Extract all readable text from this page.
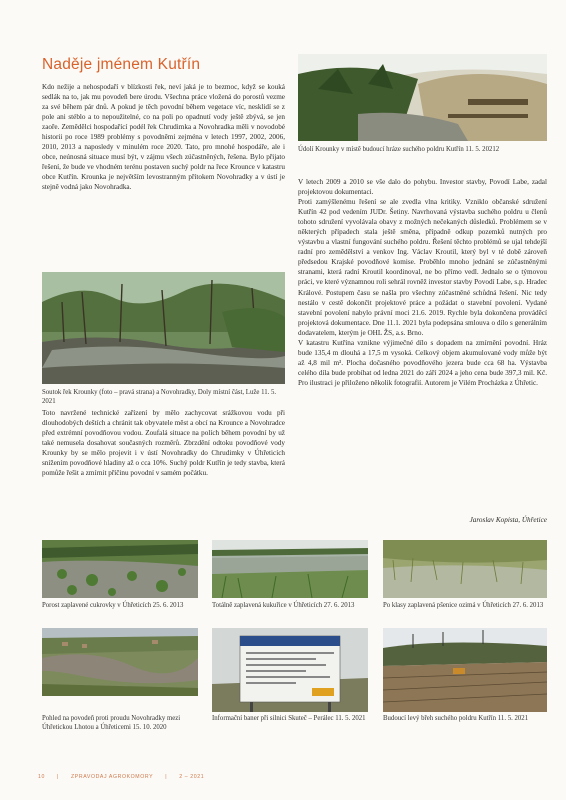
Naděje jménem Kutřín

Kdo nežije a nehospodaří v blízkosti řek, neví jaká je to bezmoc, když se kouká sedlák na to, jak mu povodeň bere úrodu. Všechna práce vložená do porostů vezme za své během pár dnů. A pokud je těch povodní během vegetace víc, nesklidí se z pole ani stéblo a to nepoužitelné, co na poli po opadnutí vody ještě zbývá, se jen zaoře. Zemědělci hospodařící podél řek Chrudimka a Novohradka měli v novodobé historii po roce 1989 problémy s povodněmi zejména v letech 1997, 2002, 2006, 2010, 2013 a naposledy v minulém roce 2020. Tato, pro mnohé hospodáře, ale i obce, neúnosná situace musí být, v zájmu všech zúčastněných, řešena. Bylo přijato řešení, že bude ve vhodném terénu postaven suchý poldr na řece Krounce v katastru obce Kutřín. Krounka je největším levostranným přítokem Novohradky a v ústí je stejně vodná jako Novohradka.

Soutok řek Krounky (foto – pravá strana) a Novohradky, Doly místní část, Luže 11. 5. 2021

Toto navržené technické zařízení by mělo zachycovat srážkovou vodu při dlouhodobých deštích a chránit tak obyvatele měst a obcí na Krounce a Novohradce před extrémní povodňovou vodou. Zoufalá situace na polích během povodní by už také nemusela dosahovat současných rozměrů. Zbrzdění odtoku povodňové vody Krounky by se mělo projevit i v ústí Novohradky do Chrudimky v Úhřeticích snížením povodňové hladiny až o cca 10%. Suchý poldr Kutřín je tedy stavba, která pomůže řešit a zmírnit příčinu povodní v samém počátku.

Údolí Krounky v místě budoucí hráze suchého poldru Kutřín 11. 5. 20212

V letech 2009 a 2010 se vše dalo do pohybu. Investor stavby, Povodí Labe, zadal projektovou dokumentaci.

Proti zamýšlenému řešení se ale zvedla vlna kritiky. Vzniklo občanské sdružení Kutřín 42 pod vedením JUDr. Šetiny. Navrhovaná výstavba suchého poldru u členů tohoto sdružení vyvolávala obavy z možných nečekaných důsledků. Problémem se v některých případech stala ještě směna, případně odkup pozemků nutných pro výstavbu a vlastní fungování suchého poldru. Řešení těchto problémů se ujal tehdejší radní pro zemědělství a venkov Ing. Václav Kroutil, který byl v té době zároveň předsedou Krajské povodňové komise. Proběhlo mnoho jednání se zúčastněnými stranami, která radní Kroutil koordinoval, ne bo přímo vedl. Jednalo se o týmovou práci, ve které významnou roli sehrál rovněž investor stavby Povodí Labe, s.p. Hradec Králové. Postupem času se našla pro všechny zúčastněné schůdná řešení. Nic tedy nestálo v cestě dokončit projektové práce a požádat o stavební povolení. Vydané stavební povolení nabylo právní moci 21.6. 2019. Rychle byla dokončena prováděcí projektová dokumentace. Dne 11.1. 2021 byla podepsána smlouva o dílo s generálním dodavatelem, kterým je OHL ŽS, a.s. Brno.

V katastru Kutřína vznikne výjimečné dílo s dopadem na zmírnění povodní. Hráz bude 135,4 m dlouhá a 17,5 m vysoká. Celkový objem akumulované vody může být až 4,8 mil m³. Plocha dočasného povodňového jezera bude cca 68 ha. Výstavba celého díla bude probíhat od ledna 2021 do září 2024 a jeho cena bude 397,3 mil. Kč. Pro ilustraci je přiloženo několik fotografií. Autorem je Vilém Procházka z Úhřetic.

Jaroslav Kopista, Úhřetice
Porost zaplavené cukrovky v Úhřeticích 25. 6. 2013	Totálně zaplavená kukuřice v Úhřeticích 27. 6. 2013	Po klasy zaplavená pšenice ozimá v Úhřeticích 27. 6. 2013
Pohled na povodeň proti proudu Novohradky mezi Úhřetickou Lhotou a Úhřeticemi 15. 10. 2020
Informační baner při silnici Skuteč – Perálec 11. 5. 2021	Budoucí levý břeh suchého poldru Kutřín 11. 5. 2021
10 | ZPRAVODAJ AGROKOMORY | 2 – 2021
